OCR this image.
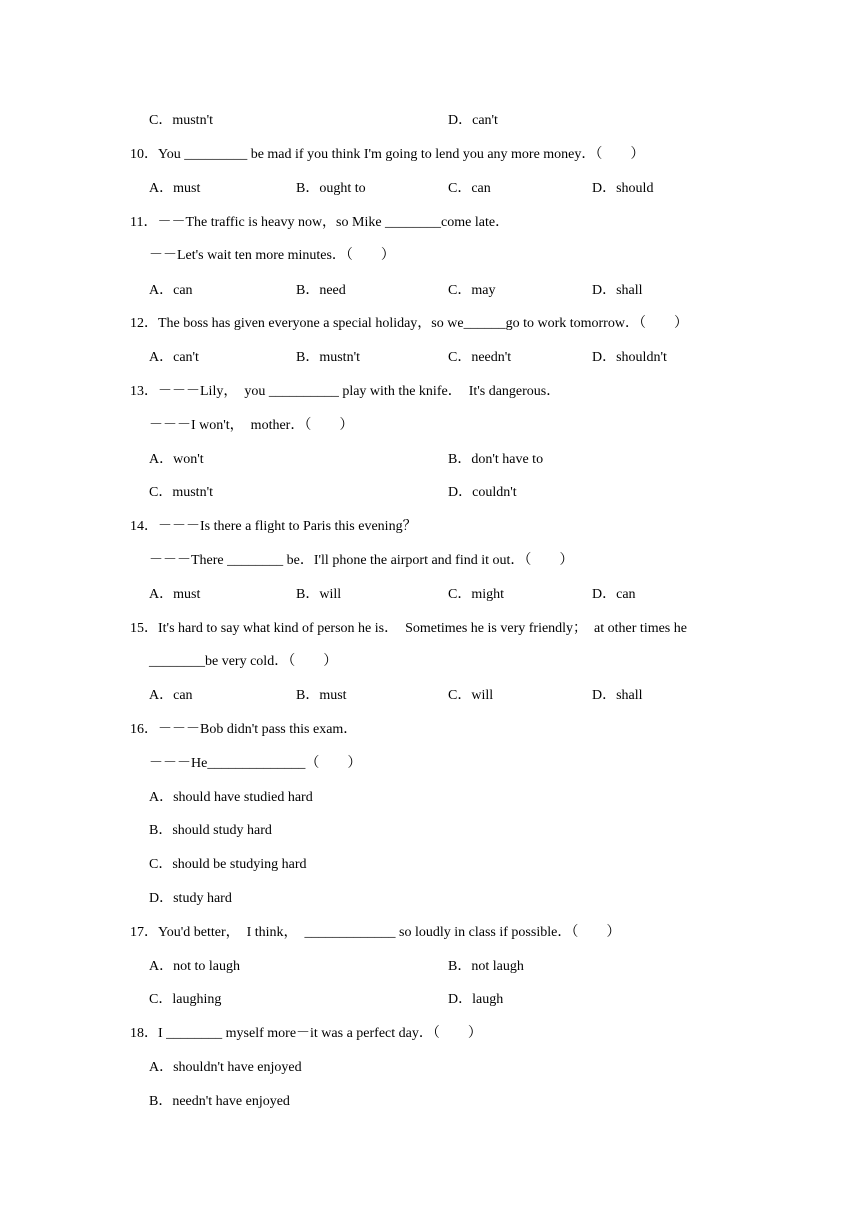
C．mustn't	D．can't
10．You _________ be mad if you think I'm going to lend you any more money．（　　）
A．must	B．ought to	C．can	D．should
11．－－The traffic is heavy now，so Mike ________come late．
－－Let's wait ten more minutes．（　　）
A．can	B．need	C．may	D．shall
12．The boss has given everyone a special holiday，so we______go to work tomorrow．（　　）
A．can't	B．mustn't	C．needn't	D．shouldn't
13．－－－Lily，  you __________ play with the knife．  It's dangerous．
－－－I won't，  mother．（　　）
A．won't	B．don't have to
C．mustn't	D．couldn't
14．－－－Is there a flight to Paris this evening？
－－－There ________ be．I'll phone the airport and find it out．（　　）
A．must	B．will	C．might	D．can
15．It's hard to say what kind of person he is．  Sometimes he is very friendly；  at other times he
________be very cold．（　　）
A．can	B．must	C．will	D．shall
16．－－－Bob didn't pass this exam．
－－－He______________（　　）
A．should have studied hard
B．should study hard
C．should be studying hard
D．study hard
17．You'd better，  I think，  _____________ so loudly in class if possible．（　　）
A．not to laugh	B．not laugh
C．laughing	D．laugh
18．I ________ myself more－it was a perfect day．（　　）
A．shouldn't have enjoyed
B．needn't have enjoyed
